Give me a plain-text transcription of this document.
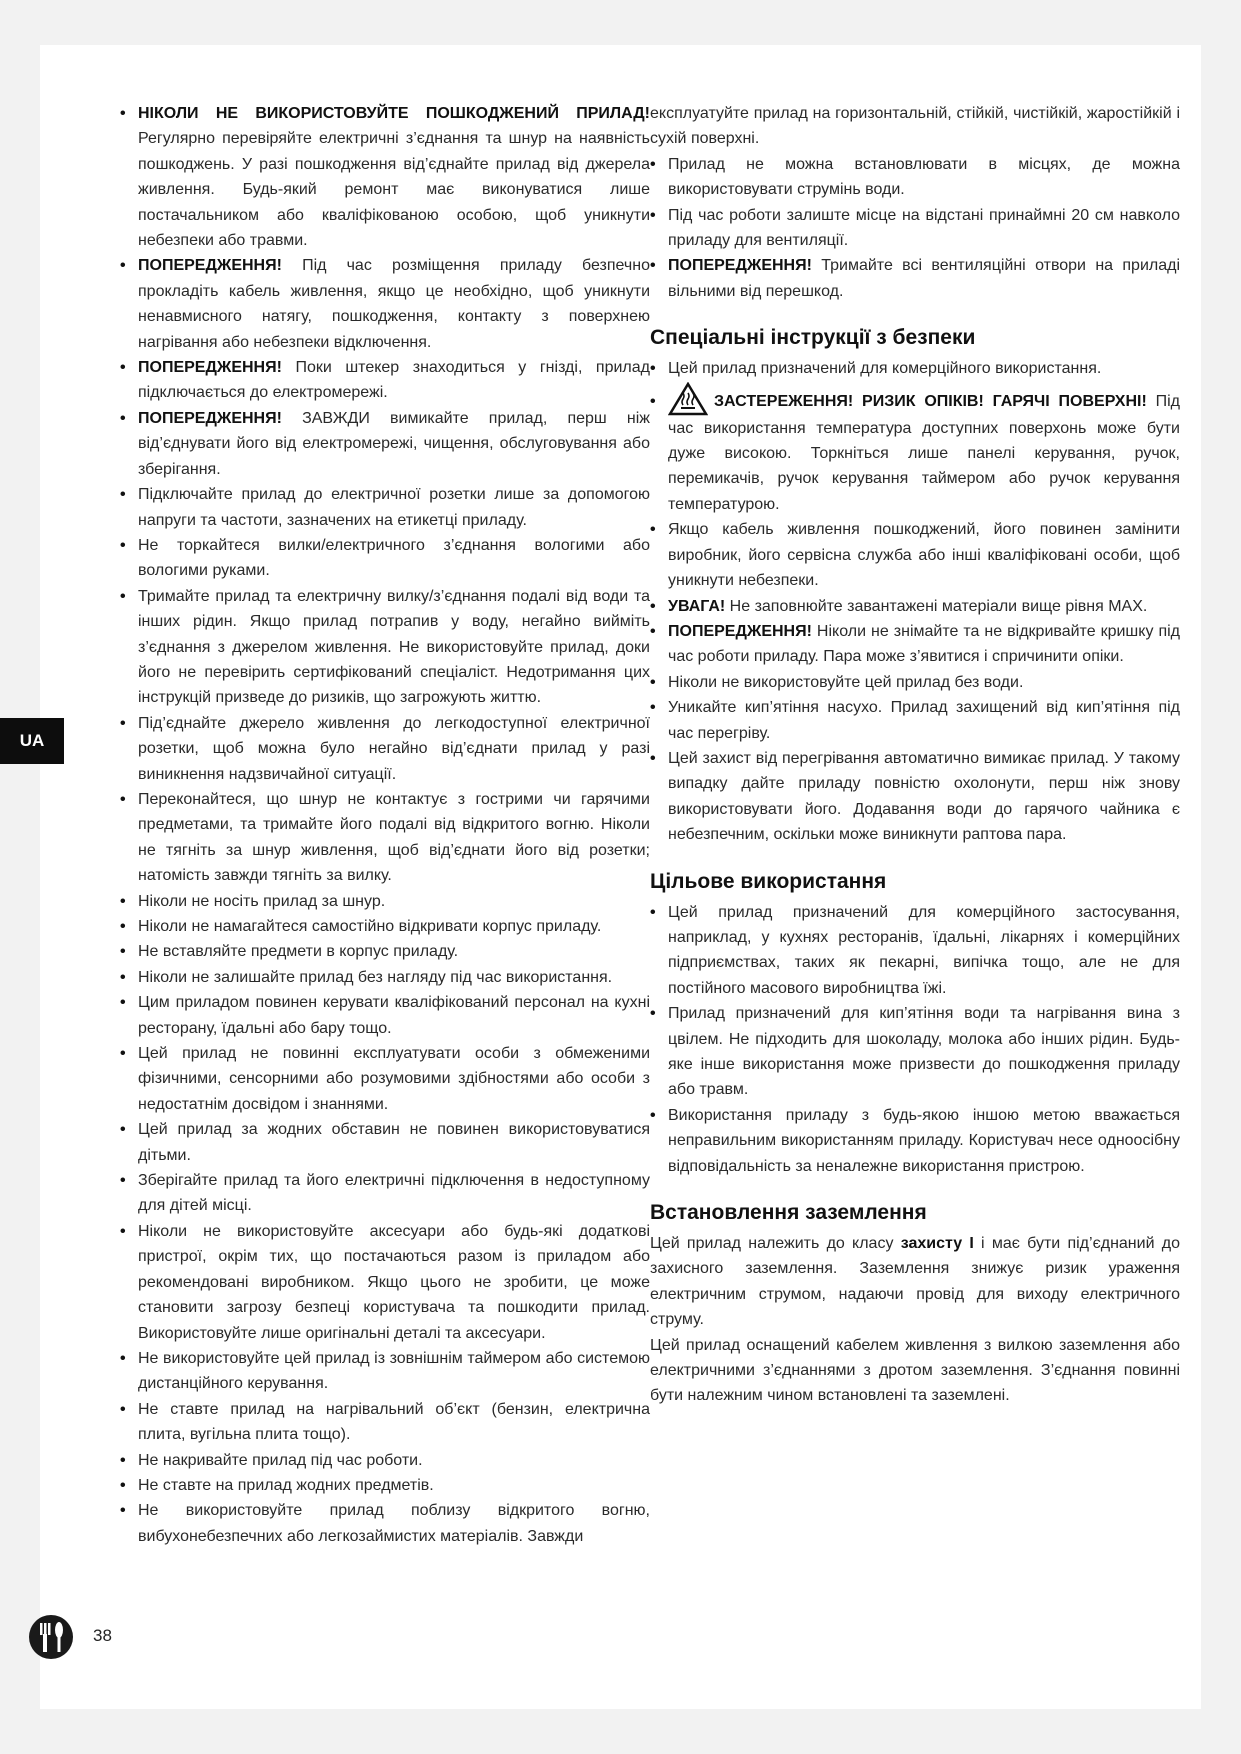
• НІКОЛИ НЕ ВИКОРИСТОВУЙТЕ ПОШКОДЖЕНИЙ ПРИЛАД! Регулярно перевіряйте електричні з’єднання та шнур на наявність пошкоджень. У разі пошкодження від’єднайте прилад від джерела живлення. Будь-який ремонт має виконуватися лише постачальником або кваліфікованою особою, щоб уникнути небезпеки або травми.

• ПОПЕРЕДЖЕННЯ! Під час розміщення приладу безпечно прокладіть кабель живлення, якщо це необхідно, щоб уникнути ненавмисного натягу, пошкодження, контакту з поверхнею нагрівання або небезпеки відключення.

• ПОПЕРЕДЖЕННЯ! Поки штекер знаходиться у гнізді, прилад підключається до електромережі.

• ПОПЕРЕДЖЕННЯ! ЗАВЖДИ вимикайте прилад, перш ніж від’єднувати його від електромережі, чищення, обслуговування або зберігання.

• Підключайте прилад до електричної розетки лише за допомогою напруги та частоти, зазначених на етикетці приладу.

• Не торкайтеся вилки/електричного з’єднання вологими або вологими руками.

• Тримайте прилад та електричну вилку/з’єднання подалі від води та інших рідин. Якщо прилад потрапив у воду, негайно вийміть з’єднання з джерелом живлення. Не використовуйте прилад, доки його не перевірить сертифікований спеціаліст. Недотримання цих інструкцій призведе до ризиків, що загрожують життю.

• Під’єднайте джерело живлення до легкодоступної електричної розетки, щоб можна було негайно від’єднати прилад у разі виникнення надзвичайної ситуації.

• Переконайтеся, що шнур не контактує з гострими чи гарячими предметами, та тримайте його подалі від відкритого вогню. Ніколи не тягніть за шнур живлення, щоб від’єднати його від розетки; натомість завжди тягніть за вилку.

• Ніколи не носіть прилад за шнур.

• Ніколи не намагайтеся самостійно відкривати корпус приладу.

• Не вставляйте предмети в корпус приладу.

• Ніколи не залишайте прилад без нагляду під час використання.

• Цим приладом повинен керувати кваліфікований персонал на кухні ресторану, їдальні або бару тощо.

• Цей прилад не повинні експлуатувати особи з обмеженими фізичними, сенсорними або розумовими здібностями або особи з недостатнім досвідом і знаннями.

• Цей прилад за жодних обставин не повинен використовуватися дітьми.

• Зберігайте прилад та його електричні підключення в недоступному для дітей місці.

• Ніколи не використовуйте аксесуари або будь-які додаткові пристрої, окрім тих, що постачаються разом із приладом або рекомендовані виробником. Якщо цього не зробити, це може становити загрозу безпеці користувача та пошкодити прилад. Використовуйте лише оригінальні деталі та аксесуари.

• Не використовуйте цей прилад із зовнішнім таймером або системою дистанційного керування.

• Не ставте прилад на нагрівальний об’єкт (бензин, електрична плита, вугільна плита тощо).

• Не накривайте прилад під час роботи.

• Не ставте на прилад жодних предметів.

• Не використовуйте прилад поблизу відкритого вогню, вибухонебезпечних або легкозаймистих матеріалів. Завжди

експлуатуйте прилад на горизонтальній, стійкій, чистійкій, жаростійкій і сухій поверхні.

• Прилад не можна встановлювати в місцях, де можна використовувати струмінь води.

• Під час роботи залиште місце на відстані принаймні 20 см навколо приладу для вентиляції.

• ПОПЕРЕДЖЕННЯ! Тримайте всі вентиляційні отвори на приладі вільними від перешкод.

Спеціальні інструкції з безпеки

• Цей прилад призначений для комерційного використання.

• ЗАСТЕРЕЖЕННЯ! РИЗИК ОПІКІВ! ГАРЯЧІ ПОВЕРХНІ! Під час використання температура доступних поверхонь може бути дуже високою. Торкніться лише панелі керування, ручок, перемикачів, ручок керування таймером або ручок керування температурою.

• Якщо кабель живлення пошкоджений, його повинен замінити виробник, його сервісна служба або інші кваліфіковані особи, щоб уникнути небезпеки.

• УВАГА! Не заповнюйте завантажені матеріали вище рівня MAX.

• ПОПЕРЕДЖЕННЯ! Ніколи не знімайте та не відкривайте кришку під час роботи приладу. Пара може з’явитися і спричинити опіки.

• Ніколи не використовуйте цей прилад без води.

• Уникайте кип’ятіння насухо. Прилад захищений від кип’ятіння під час перегріву.

• Цей захист від перегрівання автоматично вимикає прилад. У такому випадку дайте приладу повністю охолонути, перш ніж знову використовувати його. Додавання води до гарячого чайника є небезпечним, оскільки може виникнути раптова пара.

Цільове використання

• Цей прилад призначений для комерційного застосування, наприклад, у кухнях ресторанів, їдальні, лікарнях і комерційних підприємствах, таких як пекарні, випічка тощо, але не для постійного масового виробництва їжі.

• Прилад призначений для кип’ятіння води та нагрівання вина з цвілем. Не підходить для шоколаду, молока або інших рідин. Будь-яке інше використання може призвести до пошкодження приладу або травм.

• Використання приладу з будь-якою іншою метою вважається неправильним використанням приладу. Користувач несе одноосібну відповідальність за неналежне використання пристрою.

Встановлення заземлення

Цей прилад належить до класу захисту I і має бути під’єднаний до захисного заземлення. Заземлення знижує ризик ураження електричним струмом, надаючи провід для виходу електричного струму.

Цей прилад оснащений кабелем живлення з вилкою заземлення або електричними з’єднаннями з дротом заземлення. З’єднання повинні бути належним чином встановлені та заземлені.

UA
38
